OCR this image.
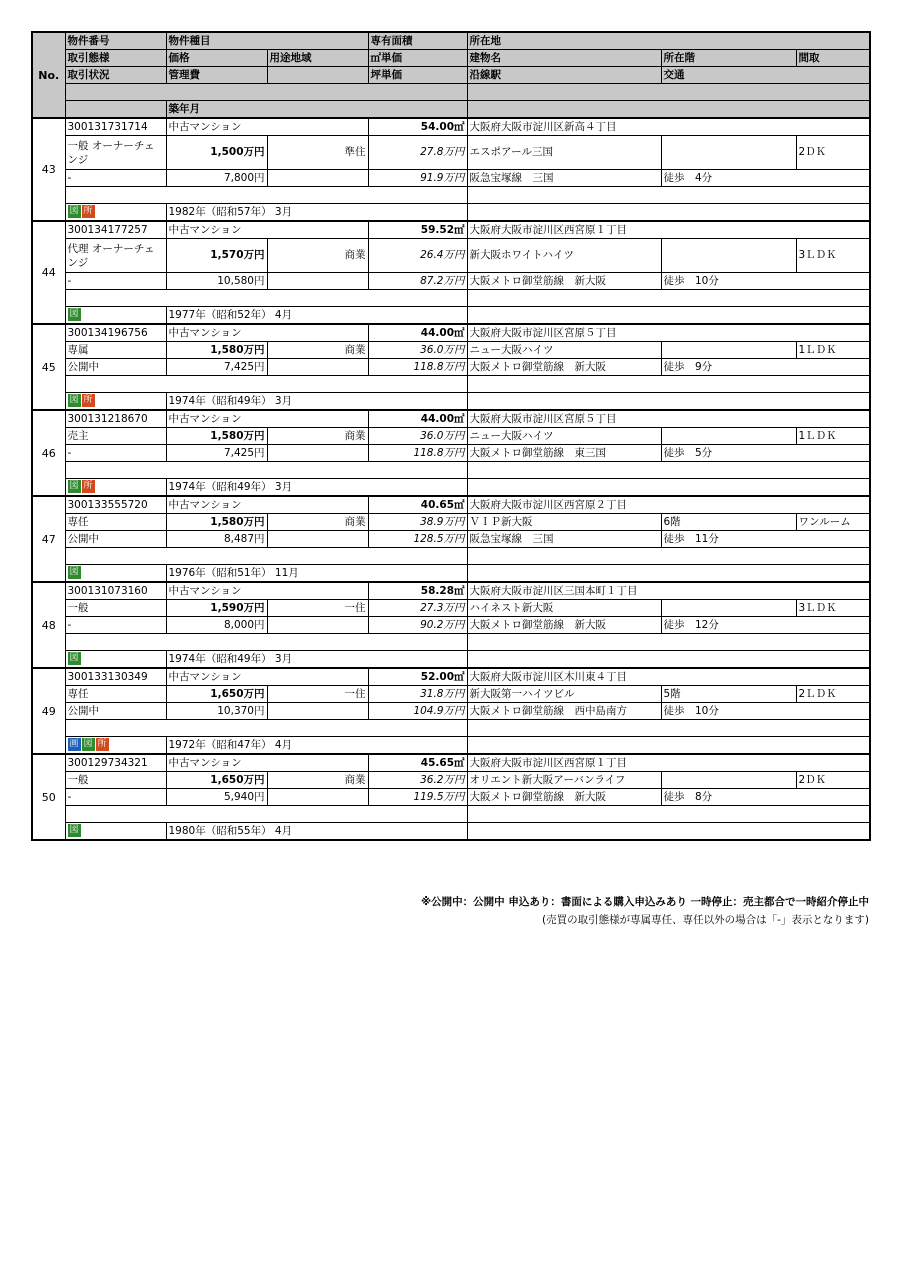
No.	物件番号	物件種目		専有面積	所在地		
	取引態様	価格	用途地域	㎡単価	建物名	所在階	間取
	取引状況	管理費		坪単価	沿線駅	交通	

		築年月					
43	300131731714	中古マンション		54.00㎡	大阪府大阪市淀川区新高４丁目		
	一般 オーナーチェンジ	1,500万円	準住	27.8万円	エスポアール三国		2ＤＫ
	-	7,800円		91.9万円	阪急宝塚線　三国	徒歩　4分	

	図 所	1982年（昭和57年） 3月					
44	300134177257	中古マンション		59.52㎡	大阪府大阪市淀川区西宮原１丁目		
	代理 オーナーチェンジ	1,570万円	商業	26.4万円	新大阪ホワイトハイツ		3ＬＤＫ
	-	10,580円		87.2万円	大阪メトロ御堂筋線　新大阪	徒歩　10分	

	図	1977年（昭和52年） 4月					
45	300134196756	中古マンション		44.00㎡	大阪府大阪市淀川区宮原５丁目		
	専属	1,580万円	商業	36.0万円	ニュー大阪ハイツ		1ＬＤＫ
	公開中	7,425円		118.8万円	大阪メトロ御堂筋線　新大阪	徒歩　9分	

	図 所	1974年（昭和49年） 3月					
46	300131218670	中古マンション		44.00㎡	大阪府大阪市淀川区宮原５丁目		
	売主	1,580万円	商業	36.0万円	ニュー大阪ハイツ		1ＬＤＫ
	-	7,425円		118.8万円	大阪メトロ御堂筋線　東三国	徒歩　5分	

	図 所	1974年（昭和49年） 3月					
47	300133555720	中古マンション		40.65㎡	大阪府大阪市淀川区西宮原２丁目		
	専任	1,580万円	商業	38.9万円	ＶＩＰ新大阪	6階	ワンルーム
	公開中	8,487円		128.5万円	阪急宝塚線　三国	徒歩　11分	

	図	1976年（昭和51年） 11月					
48	300131073160	中古マンション		58.28㎡	大阪府大阪市淀川区三国本町１丁目		
	一般	1,590万円	一住	27.3万円	ハイネスト新大阪		3ＬＤＫ
	-	8,000円		90.2万円	大阪メトロ御堂筋線　新大阪	徒歩　12分	

	図	1974年（昭和49年） 3月					
49	300133130349	中古マンション		52.00㎡	大阪府大阪市淀川区木川東４丁目		
	専任	1,650万円	一住	31.8万円	新大阪第一ハイツビル	5階	2ＬＤＫ
	公開中	10,370円		104.9万円	大阪メトロ御堂筋線　西中島南方	徒歩　10分	

	画 図 所	1972年（昭和47年） 4月					
50	300129734321	中古マンション		45.65㎡	大阪府大阪市淀川区西宮原１丁目		
	一般	1,650万円	商業	36.2万円	オリエント新大阪アーバンライフ		2ＤＫ
	-	5,940円		119.5万円	大阪メトロ御堂筋線　新大阪	徒歩　8分	

	図	1980年（昭和55年） 4月					
※公開中：公開中 申込あり：書面による購入申込みあり 一時停止：売主都合で一時紹介停止中
(売買の取引態様が専属専任、専任以外の場合は「-」表示となります)
